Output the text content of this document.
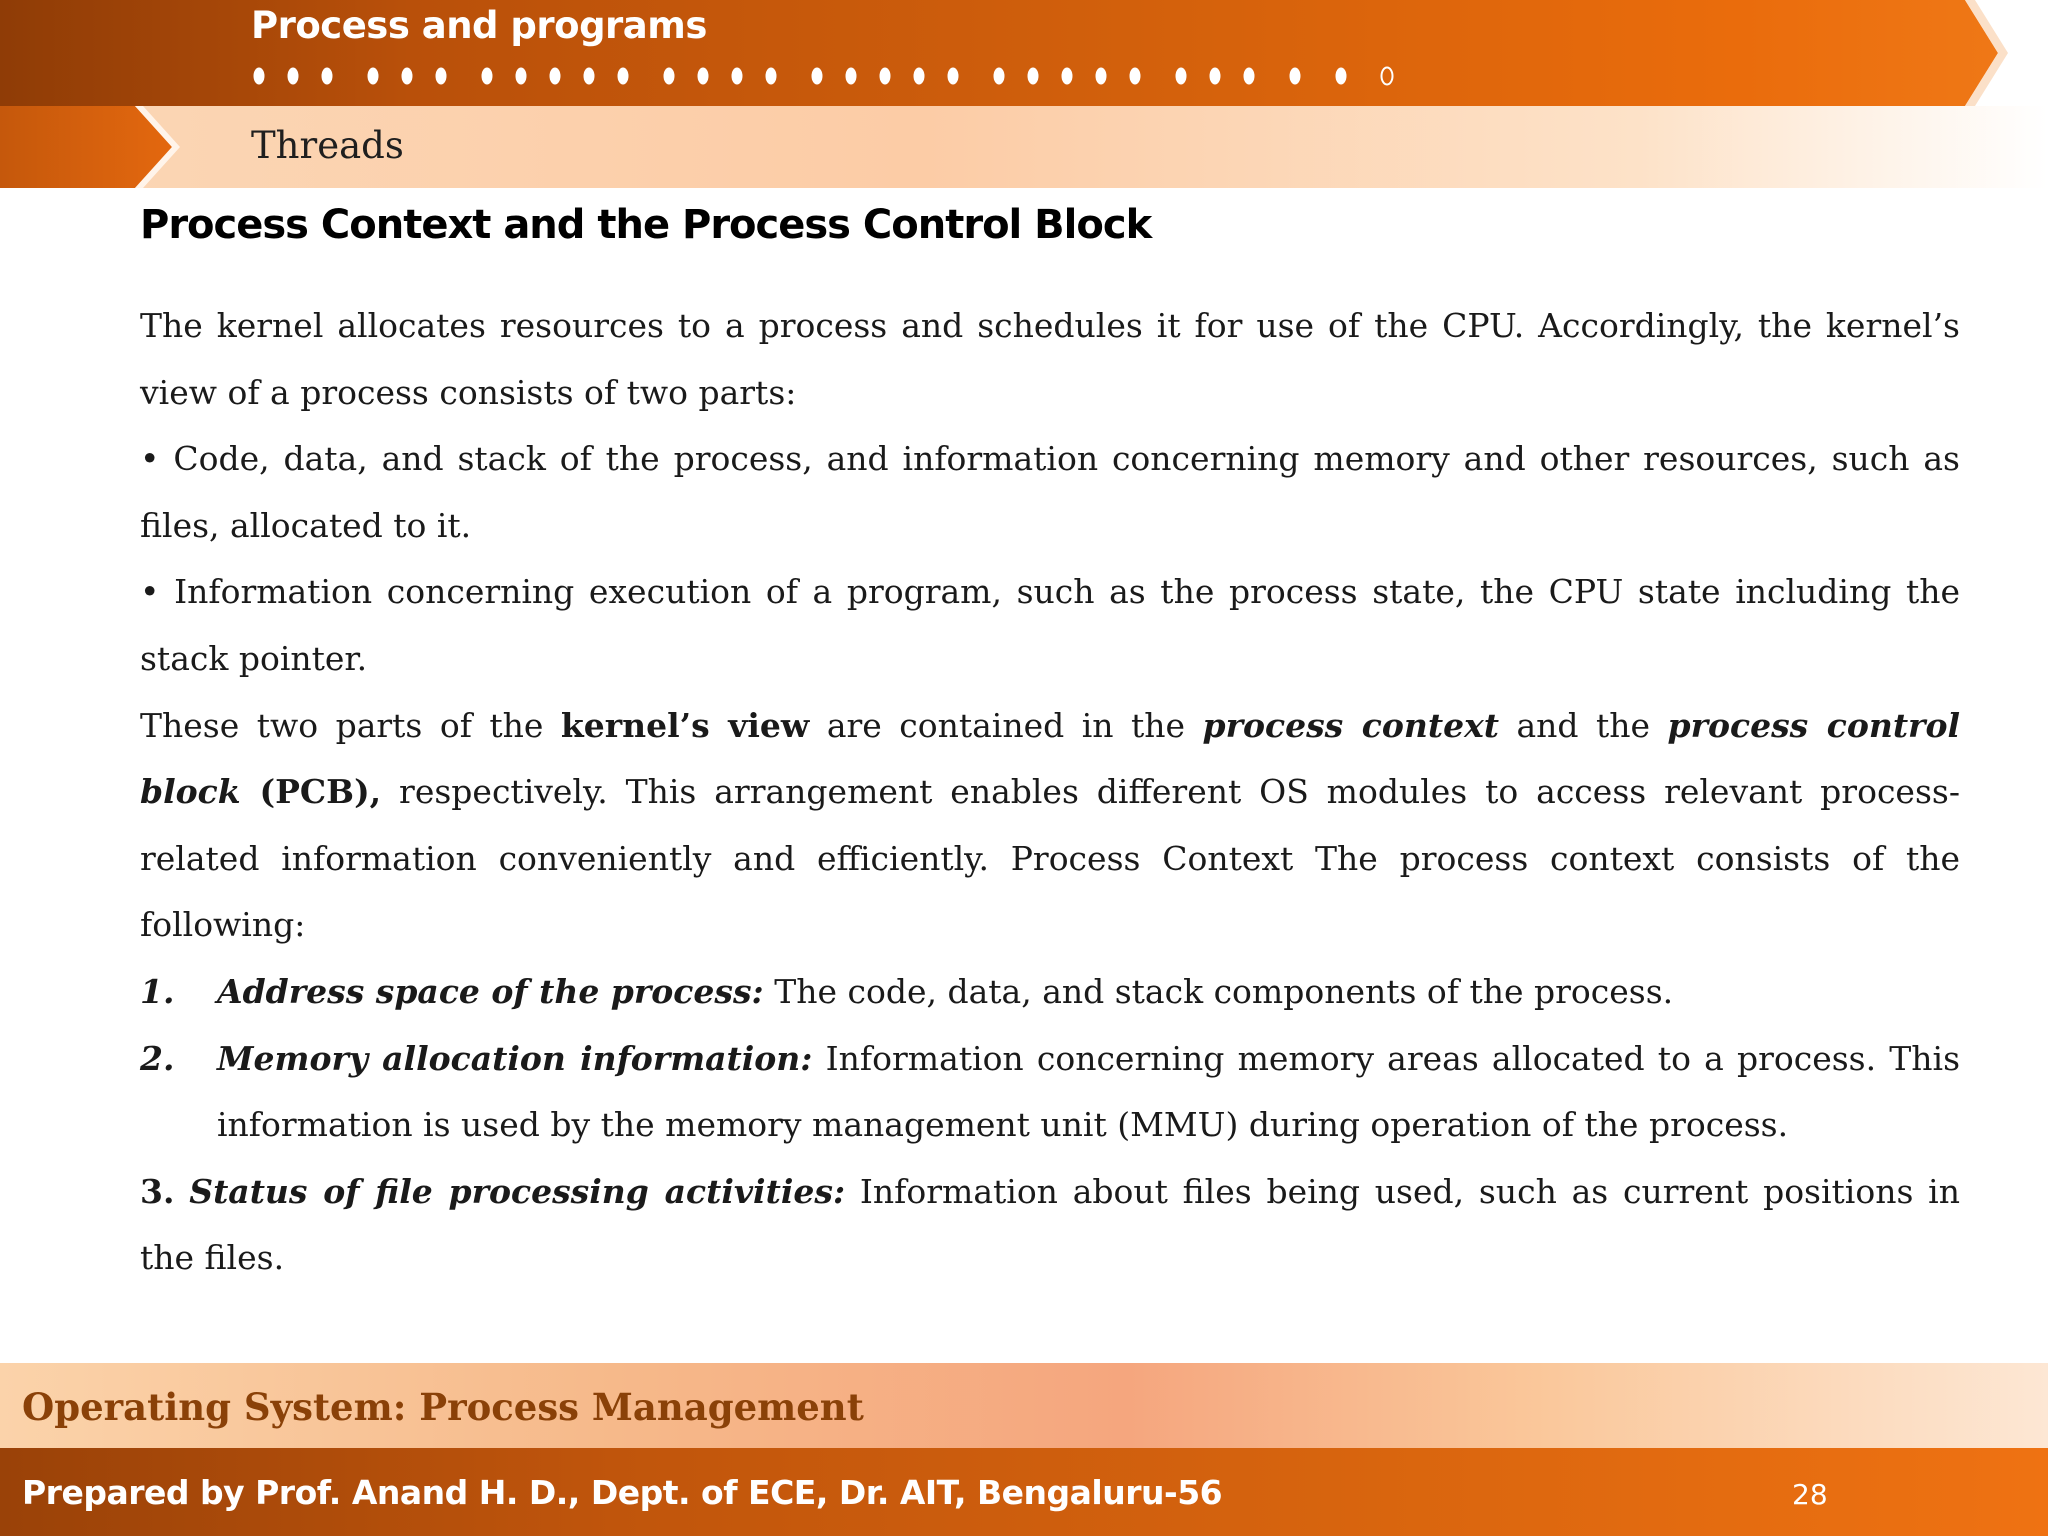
Process and programs
Threads
Process Context and the Process Control Block

The kernel allocates resources to a process and schedules it for use of the CPU. Accordingly, the kernel’s view of a process consists of two parts:

• Code, data, and stack of the process, and information concerning memory and other resources, such as files, allocated to it.

• Information concerning execution of a program, such as the process state, the CPU state including the stack pointer.

These two parts of the kernel’s view are contained in the process context and the process control block (PCB), respectively. This arrangement enables different OS modules to access relevant process-related information conveniently and efficiently. Process Context The process context consists of the following:

1.	Address space of the process: The code, data, and stack components of the process.
2.	Memory allocation information: Information concerning memory areas allocated to a process. This information is used by the memory management unit (MMU) during operation of the process.

3. Status of file processing activities: Information about files being used, such as current positions in the files.

Operating System: Process Management
Prepared by Prof. Anand H. D., Dept. of ECE, Dr. AIT, Bengaluru-56	28
